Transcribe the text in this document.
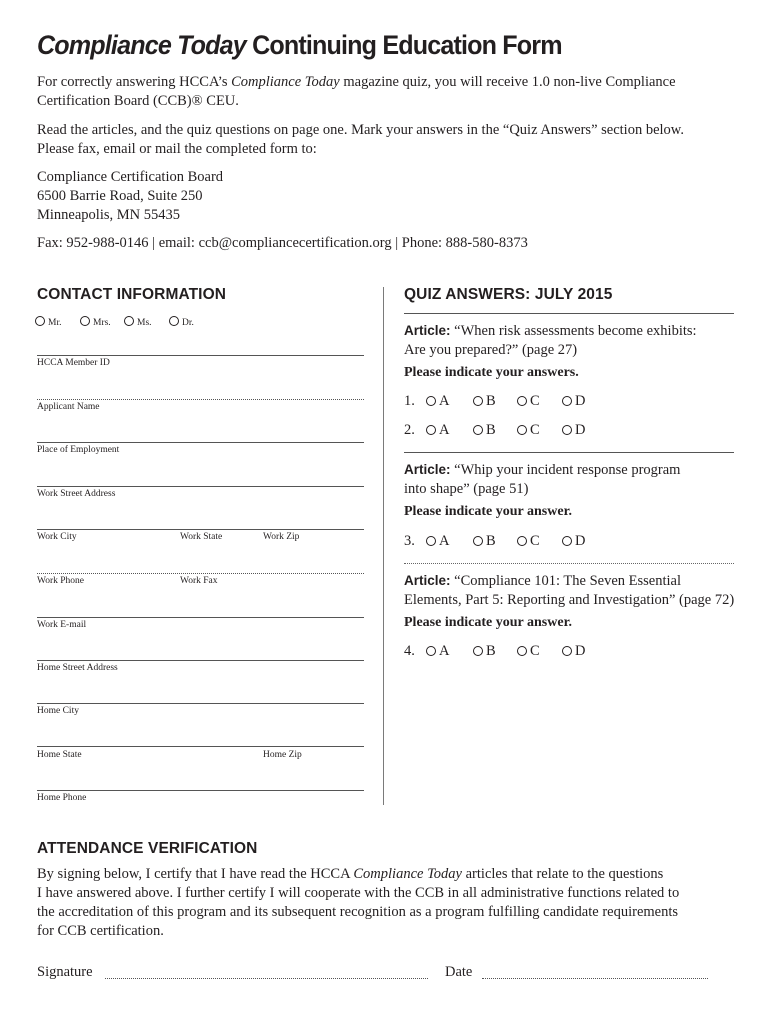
Compliance Today Continuing Education Form
For correctly answering HCCA’s Compliance Today magazine quiz, you will receive 1.0 non-live Compliance
Certification Board (CCB)® CEU.
Read the articles, and the quiz questions on page one. Mark your answers in the “Quiz Answers” section below.
Please fax, email or mail the completed form to:
Compliance Certification Board
6500 Barrie Road, Suite 250
Minneapolis, MN 55435
Fax: 952-988-0146 | email: ccb@compliancecertification.org | Phone: 888-580-8373
CONTACT INFORMATION
Mr.	Mrs.	Ms.	Dr.
HCCA Member ID
Applicant Name
Place of Employment
Work Street Address
Work City	Work State	Work Zip
Work Phone	Work Fax
Work E-mail
Home Street Address
Home City
Home State	Home Zip
Home Phone
QUIZ ANSWERS: JULY 2015
Article: “When risk assessments become exhibits:
Are you prepared?” (page 27)
Please indicate your answers.
1.	A	B	C	D
2.	A	B	C	D
Article: “Whip your incident response program
into shape” (page 51)
Please indicate your answer.
3.	A	B	C	D
Article: “Compliance 101: The Seven Essential
Elements, Part 5: Reporting and Investigation” (page 72)
Please indicate your answer.
4.	A	B	C	D
ATTENDANCE VERIFICATION
By signing below, I certify that I have read the HCCA Compliance Today articles that relate to the questions
I have answered above. I further certify I will cooperate with the CCB in all administrative functions related to
the accreditation of this program and its subsequent recognition as a program fulfilling candidate requirements
for CCB certification.
Signature	Date
